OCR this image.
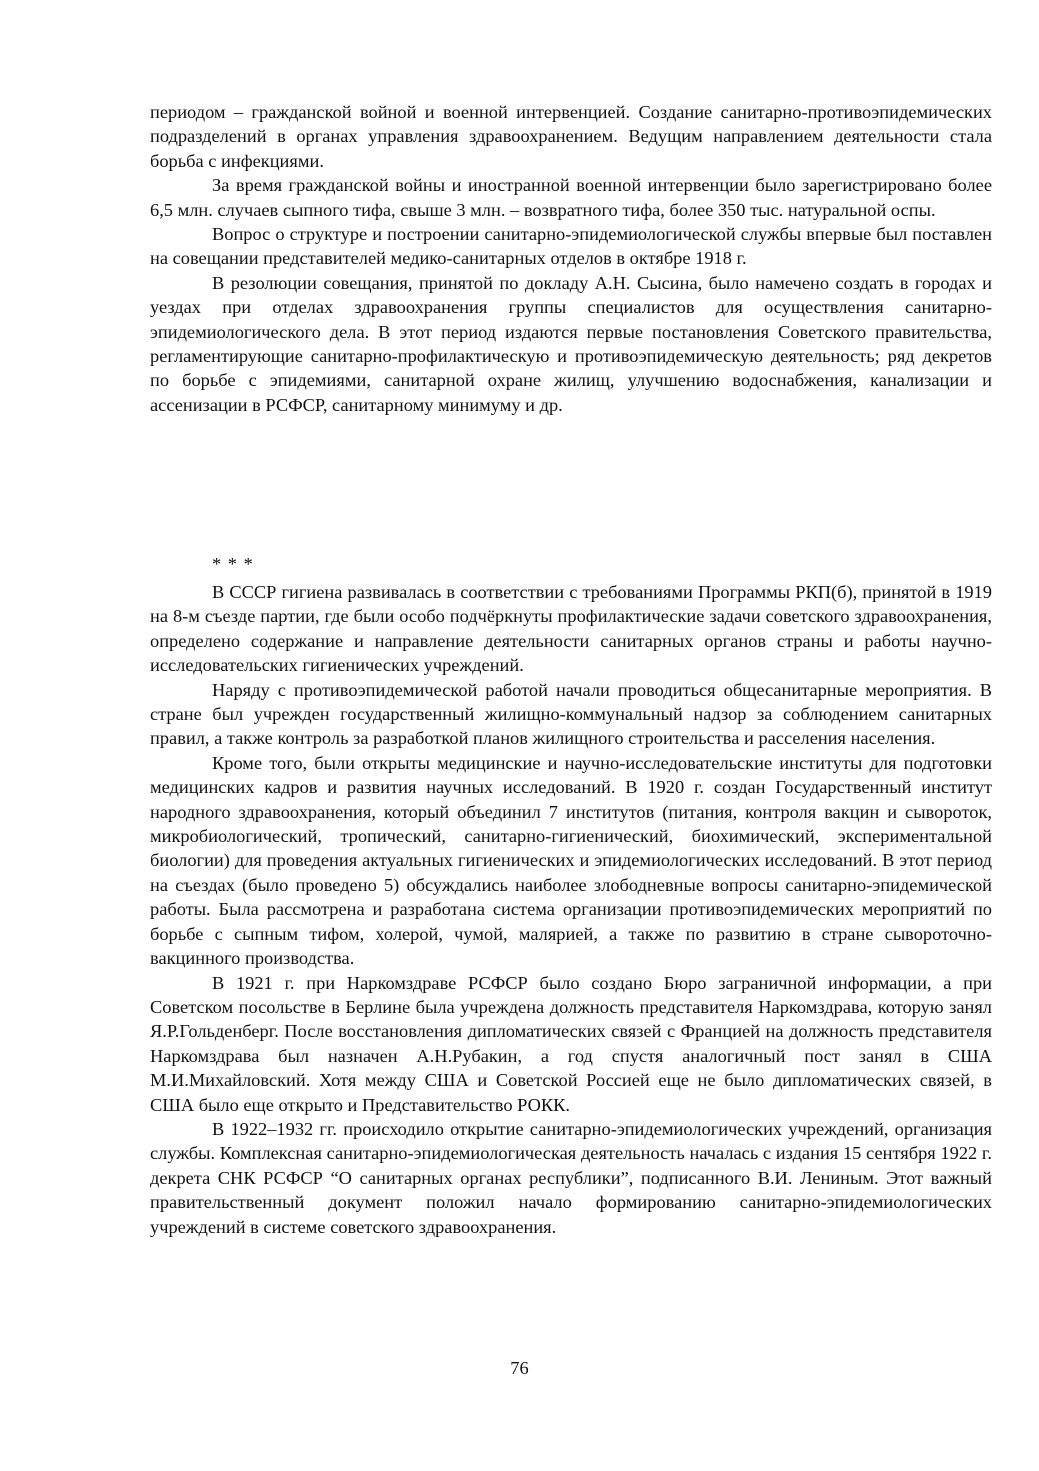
периодом – гражданской войной и военной интервенцией. Создание санитарно-противоэпидемических подразделений в органах управления здравоохранением. Ведущим направлением деятельности стала борьба с инфекциями.

За время гражданской войны и иностранной военной интервенции было зарегистрировано более 6,5 млн. случаев сыпного тифа, свыше 3 млн. – возвратного тифа, более 350 тыс. натуральной оспы.

Вопрос о структуре и построении санитарно-эпидемиологической службы впервые был поставлен на совещании представителей медико-санитарных отделов в октябре 1918 г.

В резолюции совещания, принятой по докладу А.Н. Сысина, было намечено создать в городах и уездах при отделах здравоохранения группы специалистов для осуществления санитарно-эпидемиологического дела. В этот период издаются первые постановления Советского правительства, регламентирующие санитарно-профилактическую и противоэпидемическую деятельность; ряд декретов по борьбе с эпидемиями, санитарной охране жилищ, улучшению водоснабжения, канализации и ассенизации в РСФСР, санитарному минимуму и др.

* * *

В СССР гигиена развивалась в соответствии с требованиями Программы РКП(б), принятой в 1919 на 8-м съезде партии, где были особо подчёркнуты профилактические задачи советского здравоохранения, определено содержание и направление деятельности санитарных органов страны и работы научно-исследовательских гигиенических учреждений.

Наряду с противоэпидемической работой начали проводиться общесанитарные мероприятия. В стране был учрежден государственный жилищно-коммунальный надзор за соблюдением санитарных правил, а также контроль за разработкой планов жилищного строительства и расселения населения.

Кроме того, были открыты медицинские и научно-исследовательские институты для подготовки медицинских кадров и развития научных исследований. В 1920 г. создан Государственный институт народного здравоохранения, который объединил 7 институтов (питания, контроля вакцин и сывороток, микробиологический, тропический, санитарно-гигиенический, биохимический, экспериментальной биологии) для проведения актуальных гигиенических и эпидемиологических исследований. В этот период на съездах (было проведено 5) обсуждались наиболее злободневные вопросы санитарно-эпидемической работы. Была рассмотрена и разработана система организации противоэпидемических мероприятий по борьбе с сыпным тифом, холерой, чумой, малярией, а также по развитию в стране сывороточно-вакцинного производства.

В 1921 г. при Наркомздраве РСФСР было создано Бюро заграничной информации, а при Советском посольстве в Берлине была учреждена должность представителя Наркомздрава, которую занял Я.Р.Гольденберг. После восстановления дипломатических связей с Францией на должность представителя Наркомздрава был назначен А.Н.Рубакин, а год спустя аналогичный пост занял в США М.И.Михайловский. Хотя между США и Советской Россией еще не было дипломатических связей, в США было еще открыто и Представительство РОКК.

В 1922–1932 гг. происходило открытие санитарно-эпидемиологических учреждений, организация службы. Комплексная санитарно-эпидемиологическая деятельность началась с издания 15 сентября 1922 г. декрета СНК РСФСР “О санитарных органах республики”, подписанного В.И. Лениным. Этот важный правительственный документ положил начало формированию санитарно-эпидемиологических учреждений в системе советского здравоохранения.

76
